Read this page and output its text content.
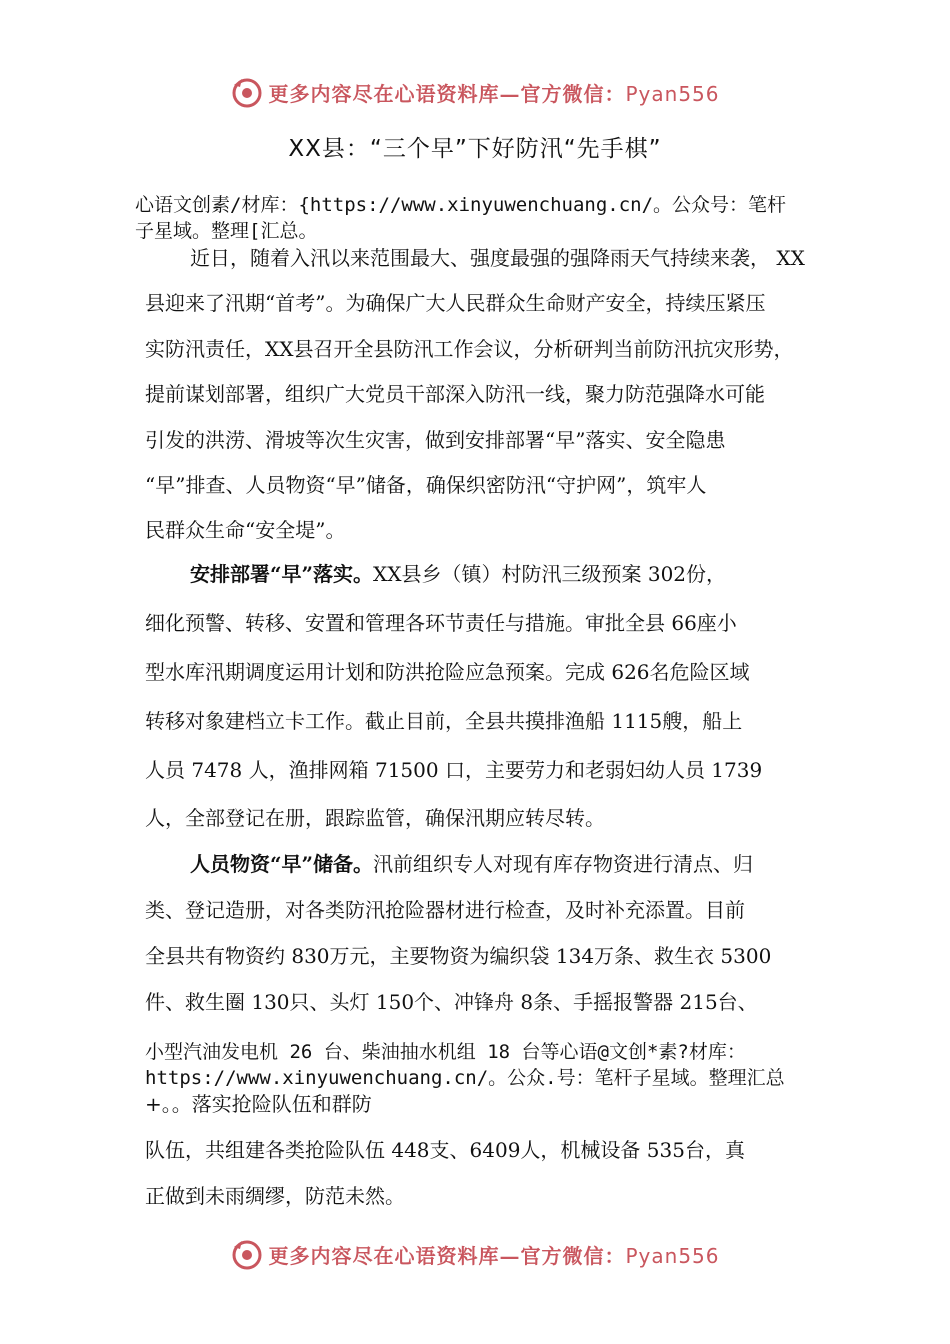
更多内容尽在心语资料库—官方微信：Pyan556
XX县：“三个早”下好防汛“先手棋”
心语文创素/材库：{https://www.xinyuwenchuang.cn/。公众号：笔杆
子星域。整理[汇总。
近日，随着入汛以来范围最大、强度最强的强降雨天气持续来袭， XX
县迎来了汛期“首考”。为确保广大人民群众生命财产安全，持续压紧压
实防汛责任，XX县召开全县防汛工作会议，分析研判当前防汛抗灾形势，
提前谋划部署，组织广大党员干部深入防汛一线，聚力防范强降水可能
引发的洪涝、滑坡等次生灾害，做到安排部署“早”落实、安全隐患
“早”排查、人员物资“早”储备，确保织密防汛“守护网”，筑牢人
民群众生命“安全堤”。
安排部署“早”落实。XX县乡（镇）村防汛三级预案 302份，
细化预警、转移、安置和管理各环节责任与措施。审批全县 66座小
型水库汛期调度运用计划和防洪抢险应急预案。完成 626名危险区域
转移对象建档立卡工作。截止目前，全县共摸排渔船 1115艘，船上
人员 7478 人，渔排网箱 71500 口，主要劳力和老弱妇幼人员 1739
人，全部登记在册，跟踪监管，确保汛期应转尽转。
人员物资“早”储备。汛前组织专人对现有库存物资进行清点、归
类、登记造册，对各类防汛抢险器材进行检查，及时补充添置。目前
全县共有物资约 830万元，主要物资为编织袋 134万条、救生衣 5300
件、救生圈 130只、头灯 150个、冲锋舟 8条、手摇报警器 215台、
小型汽油发电机 26 台、柴油抽水机组 18 台等心语@文创*素?材库：
https://www.xinyuwenchuang.cn/。公众.号：笔杆子星域。整理汇总
+。。落实抢险队伍和群防
队伍，共组建各类抢险队伍 448支、6409人，机械设备 535台，真
正做到未雨绸缪，防范未然。
更多内容尽在心语资料库—官方微信：Pyan556
